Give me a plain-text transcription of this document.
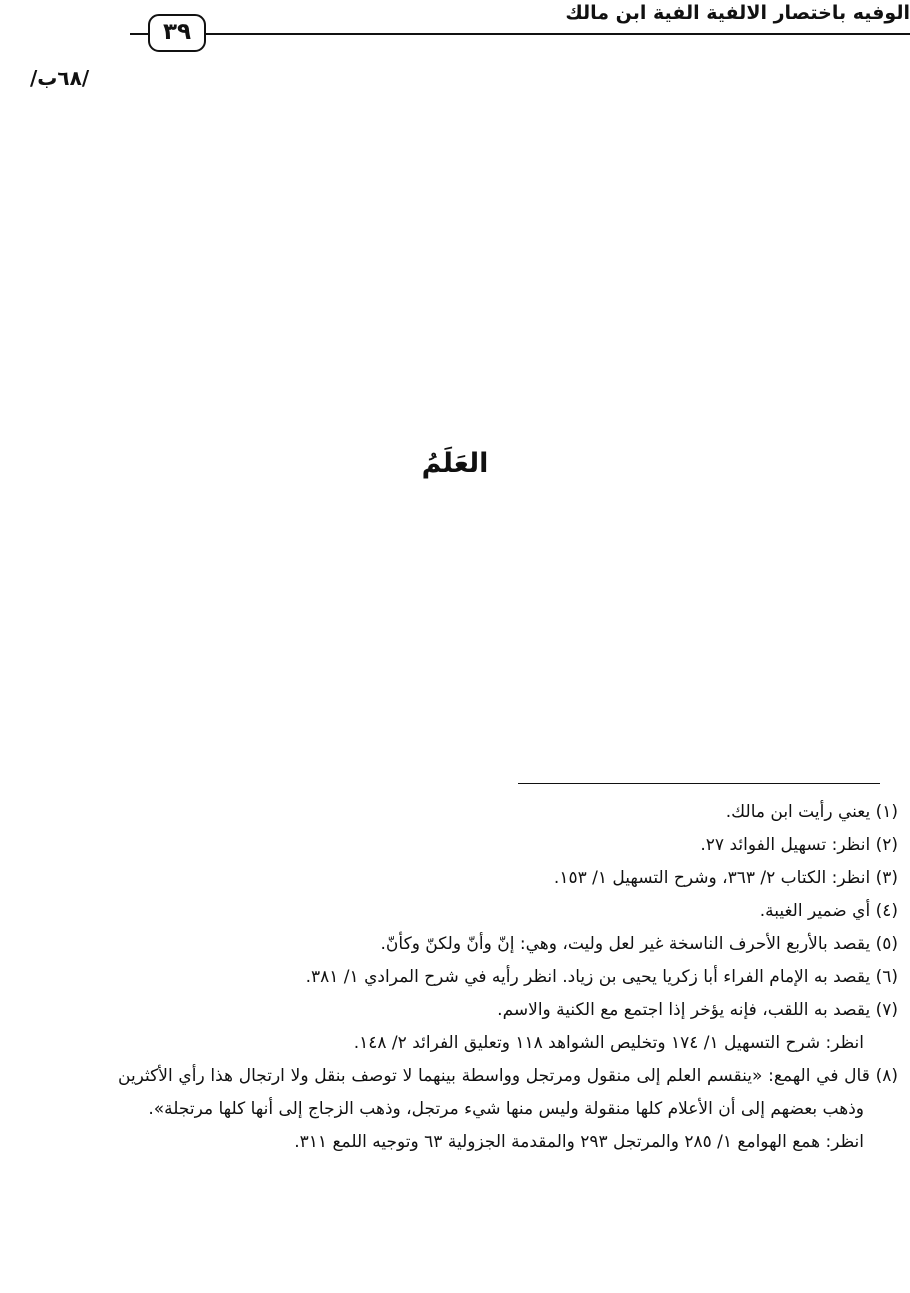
الوفيه باختصار الالفية الفية ابن مالك
٣٩
/٦٨ب/
العَلَمُ
(١) يعني رأيت ابن مالك.
(٢) انظر: تسهيل الفوائد ٢٧.
(٣) انظر: الكتاب ٢/ ٣٦٣، وشرح التسهيل ١/ ١٥٣.
(٤) أي ضمير الغيبة.
(٥) يقصد بالأربع الأحرف الناسخة غير لعل وليت، وهي: إنّ وأنّ ولكنّ وكأنّ.
(٦) يقصد به الإمام الفراء أبا زكريا يحيى بن زياد. انظر رأيه في شرح المرادي ١/ ٣٨١.
(٧) يقصد به اللقب، فإنه يؤخر إذا اجتمع مع الكنية والاسم.
انظر: شرح التسهيل ١/ ١٧٤ وتخليص الشواهد ١١٨ وتعليق الفرائد ٢/ ١٤٨.
(٨) قال في الهمع: «ينقسم العلم إلى منقول ومرتجل وواسطة بينهما لا توصف بنقل ولا ارتجال هذا رأي الأكثرين وذهب بعضهم إلى أن الأعلام كلها منقولة وليس منها شيء مرتجل، وذهب الزجاج إلى أنها كلها مرتجلة».
انظر: همع الهوامع ١/ ٢٨٥ والمرتجل ٢٩٣ والمقدمة الجزولية ٦٣ وتوجيه اللمع ٣١١.
